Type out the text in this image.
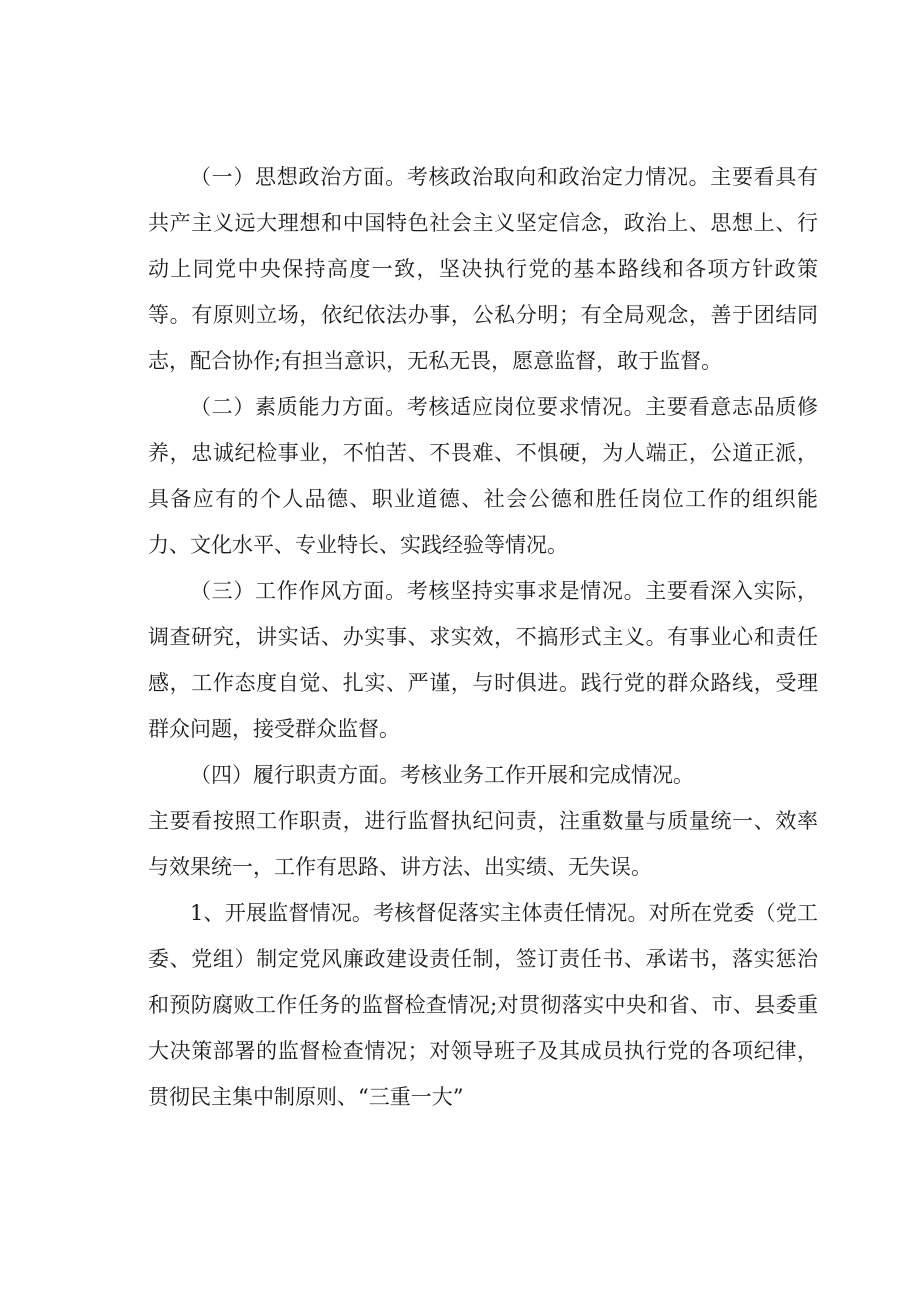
（一）思想政治方面。考核政治取向和政治定力情况。主要看具有共产主义远大理想和中国特色社会主义坚定信念，政治上、思想上、行动上同党中央保持高度一致，坚决执行党的基本路线和各项方针政策等。有原则立场，依纪依法办事，公私分明；有全局观念，善于团结同志，配合协作;有担当意识，无私无畏，愿意监督，敢于监督。

（二）素质能力方面。考核适应岗位要求情况。主要看意志品质修养，忠诚纪检事业，不怕苦、不畏难、不惧硬，为人端正，公道正派，具备应有的个人品德、职业道德、社会公德和胜任岗位工作的组织能力、文化水平、专业特长、实践经验等情况。

（三）工作作风方面。考核坚持实事求是情况。主要看深入实际，调查研究，讲实话、办实事、求实效，不搞形式主义。有事业心和责任感，工作态度自觉、扎实、严谨，与时俱进。践行党的群众路线，受理群众问题，接受群众监督。

（四）履行职责方面。考核业务工作开展和完成情况。

主要看按照工作职责，进行监督执纪问责，注重数量与质量统一、效率与效果统一，工作有思路、讲方法、出实绩、无失误。

1、开展监督情况。考核督促落实主体责任情况。对所在党委（党工委、党组）制定党风廉政建设责任制，签订责任书、承诺书，落实惩治和预防腐败工作任务的监督检查情况;对贯彻落实中央和省、市、县委重大决策部署的监督检查情况；对领导班子及其成员执行党的各项纪律，贯彻民主集中制原则、“三重一大”
